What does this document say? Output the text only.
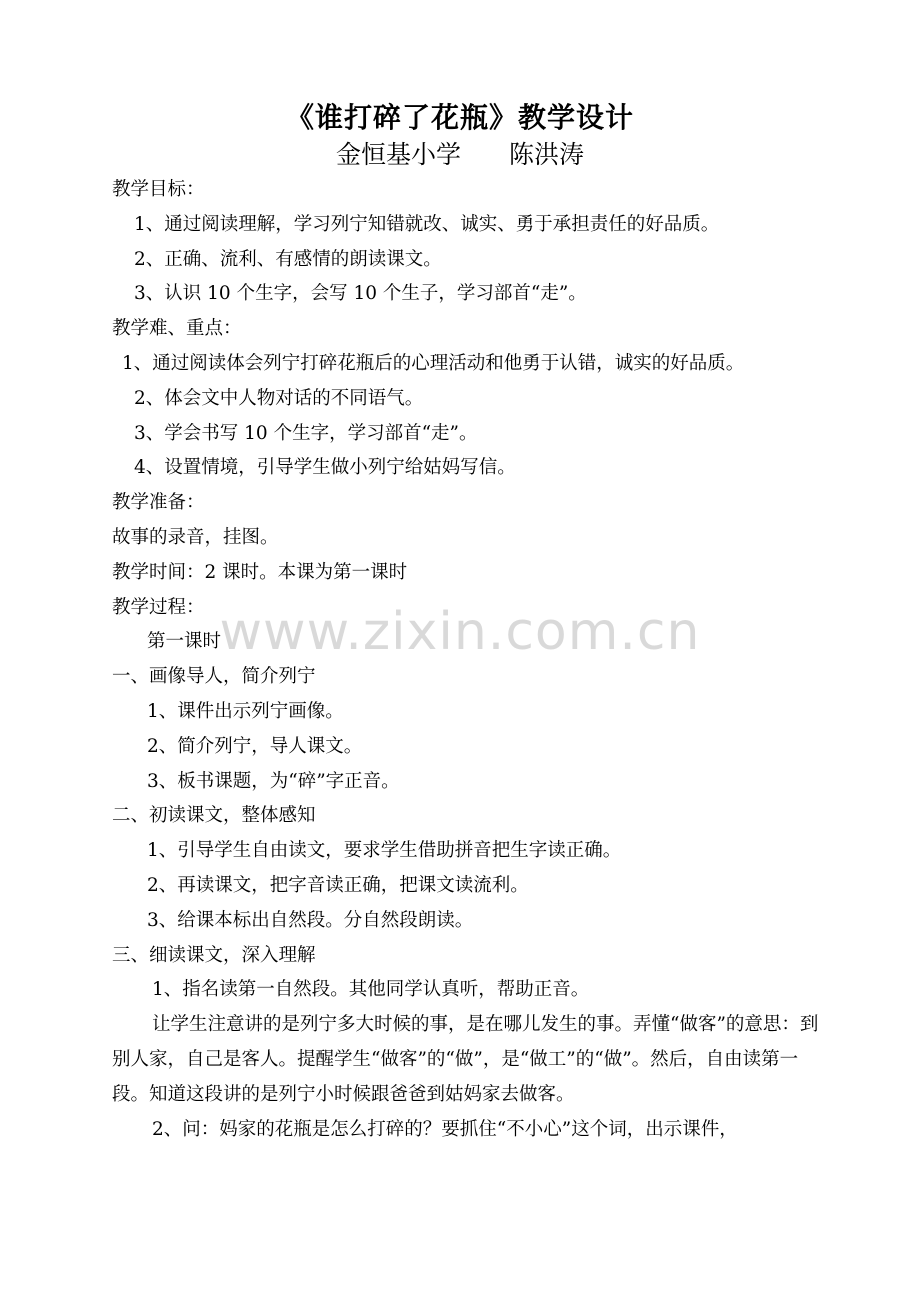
《谁打碎了花瓶》教学设计
金恒基小学 陈洪涛

教学目标：

1、通过阅读理解，学习列宁知错就改、诚实、勇于承担责任的好品质。

2、正确、流利、有感情的朗读课文。

3、认识 10 个生字，会写 10 个生子，学习部首“走”。

教学难、重点：

1、通过阅读体会列宁打碎花瓶后的心理活动和他勇于认错，诚实的好品质。

2、体会文中人物对话的不同语气。

3、学会书写 10 个生字，学习部首“走”。

4、设置情境，引导学生做小列宁给姑妈写信。

教学准备：

故事的录音，挂图。

教学时间：2 课时。本课为第一课时

教学过程：

第一课时

一、画像导人，简介列宁

1、课件出示列宁画像。

2、简介列宁，导人课文。

3、板书课题，为“碎”字正音。

二、初读课文，整体感知

1、引导学生自由读文，要求学生借助拼音把生字读正确。

2、再读课文，把字音读正确，把课文读流利。

3、给课本标出自然段。分自然段朗读。

三、细读课文，深入理解

1、指名读第一自然段。其他同学认真听，帮助正音。

让学生注意讲的是列宁多大时候的事，是在哪儿发生的事。弄懂“做客”的意思：到别人家，自己是客人。提醒学生“做客”的“做”，是“做工”的“做”。然后，自由读第一段。知道这段讲的是列宁小时候跟爸爸到姑妈家去做客。

2、问：妈家的花瓶是怎么打碎的？要抓住“不小心”这个词，出示课件，

www.zixin.com.cn
